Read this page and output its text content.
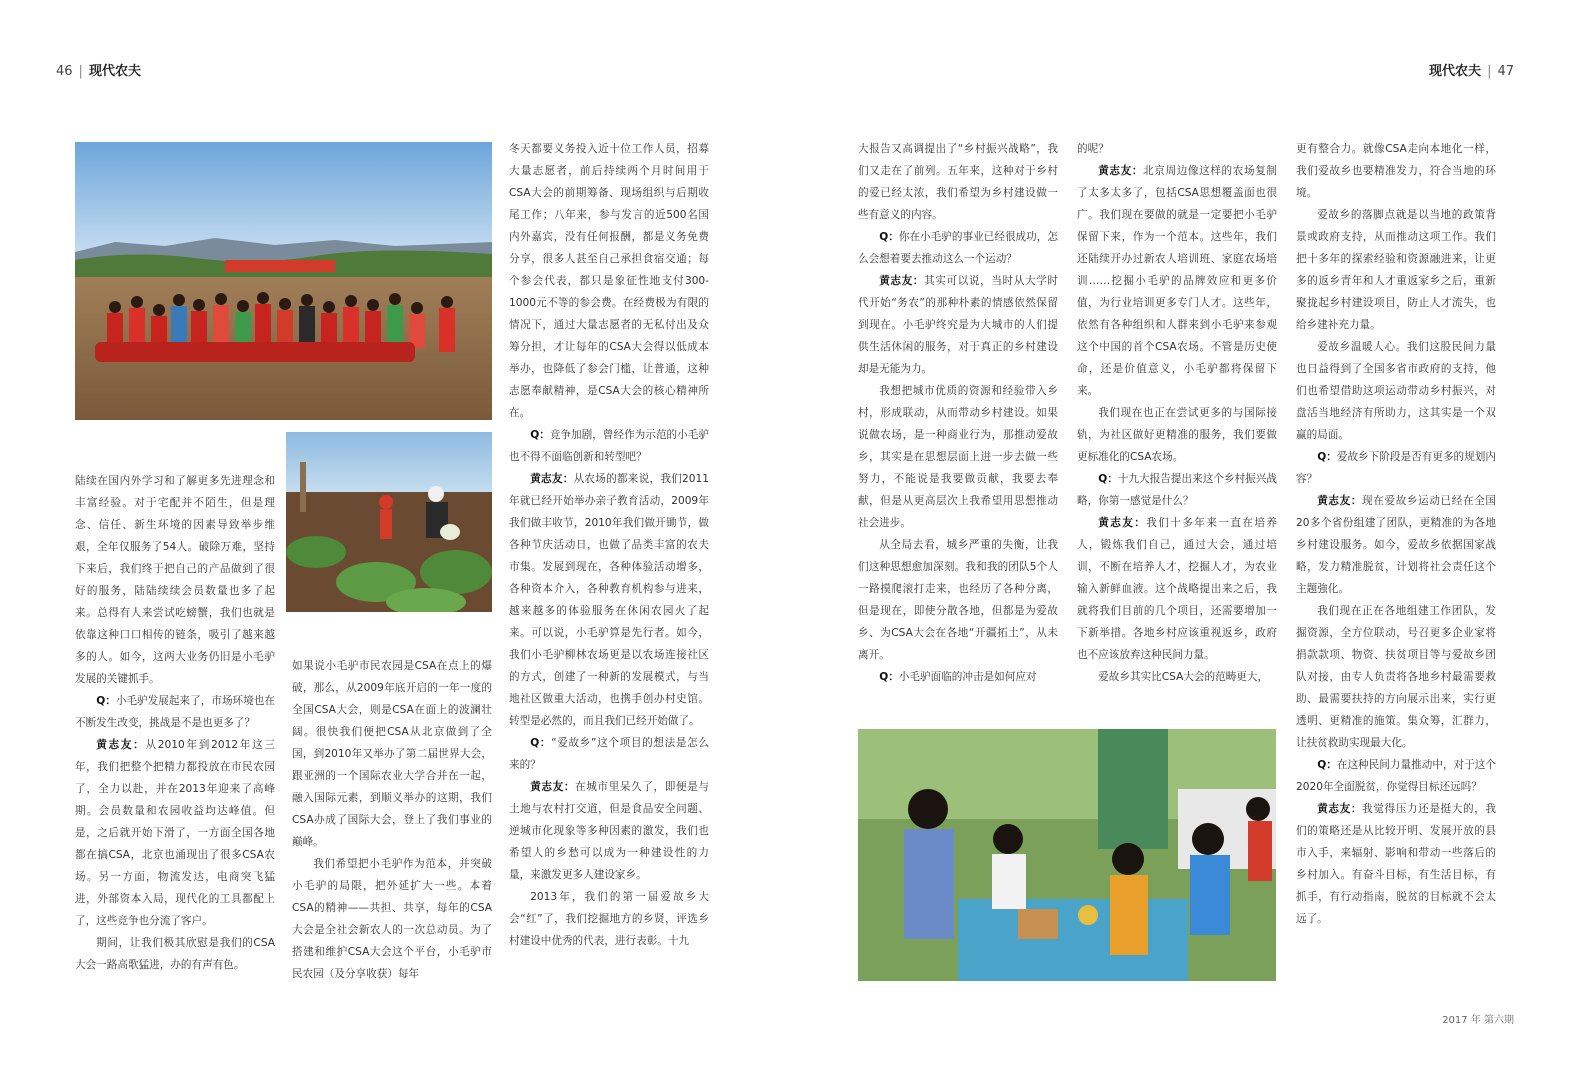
46 | 现代农夫	现代农夫 | 47

陆续在国内外学习和了解更多先进理念和丰富经验。对于宅配并不陌生，但是理念、信任、新生环境的因素导致举步维艰，全年仅服务了54人。破除万难，坚持下来后，我们终于把自己的产品做到了很好的服务，陆陆续续会员数量也多了起来。总得有人来尝试吃螃蟹，我们也就是依靠这种口口相传的链条，吸引了越来越多的人。如今，这两大业务仍旧是小毛驴发展的关键抓手。

Q：小毛驴发展起来了，市场环境也在不断发生改变，挑战是不是也更多了？

黄志友：从2010年到2012年这三年，我们把整个把精力都投放在市民农园了，全力以赴，并在2013年迎来了高峰期。会员数量和农园收益均达峰值。但是，之后就开始下滑了，一方面全国各地都在搞CSA，北京也涌现出了很多CSA农场。另一方面，物流发达，电商突飞猛进，外部资本入局，现代化的工具都配上了，这些竞争也分流了客户。

期间，让我们极其欣慰是我们的CSA大会一路高歌猛进，办的有声有色。

如果说小毛驴市民农园是CSA在点上的爆破，那么，从2009年底开启的一年一度的全国CSA大会，则是CSA在面上的波澜壮阔。很快我们便把CSA从北京做到了全国，到2010年又举办了第二届世界大会，跟亚洲的一个国际农业大学合并在一起，融入国际元素，到顺义举办的这期，我们CSA办成了国际大会，登上了我们事业的巅峰。

我们希望把小毛驴作为范本，并突破小毛驴的局限，把外延扩大一些。本着CSA的精神——共担、共享，每年的CSA大会是全社会新农人的一次总动员。为了搭建和维护CSA大会这个平台，小毛驴市民农园（及分享收获）每年

冬天都要义务投入近十位工作人员，招募大量志愿者，前后持续两个月时间用于CSA大会的前期筹备、现场组织与后期收尾工作；八年来，参与发言的近500名国内外嘉宾，没有任何报酬，都是义务免费分享，很多人甚至自己承担食宿交通；每个参会代表，都只是象征性地支付300-1000元不等的参会费。在经费极为有限的情况下，通过大量志愿者的无私付出及众筹分担，才让每年的CSA大会得以低成本举办，也降低了参会门槛，让普通，这种志愿奉献精神，是CSA大会的核心精神所在。

Q：竞争加剧，曾经作为示范的小毛驴也不得不面临创新和转型吧？

黄志友：从农场的都来说，我们2011年就已经开始举办亲子教育活动，2009年我们做丰收节，2010年我们做开锄节，做各种节庆活动日，也做了品类丰富的农夫市集。发展到现在，各种体验活动增多，各种资本介入，各种教育机构参与进来，越来越多的体验服务在休闲农园火了起来。可以说，小毛驴算是先行者。如今，我们小毛驴柳林农场更是以农场连接社区的方式，创建了一种新的发展模式，与当地社区做重大活动，也携手创办村史馆。转型是必然的，而且我们已经开始做了。

Q：“爱故乡”这个项目的想法是怎么来的？

黄志友：在城市里呆久了，即便是与土地与农村打交道，但是食品安全问题、逆城市化现象等多种因素的激发，我们也希望人的乡愁可以成为一种建设性的力量，来激发更多人建设家乡。

2013年，我们的第一届爱故乡大会“红”了，我们挖掘地方的乡贤，评选乡村建设中优秀的代表，进行表彰。十九

大报告又高调提出了“乡村振兴战略”，我们又走在了前列。五年来，这种对于乡村的爱已经太浓，我们希望为乡村建设做一些有意义的内容。

Q：你在小毛驴的事业已经很成功，怎么会想着要去推动这么一个运动？

黄志友：其实可以说，当时从大学时代开始“务农”的那种朴素的情感依然保留到现在。小毛驴终究是为大城市的人们提供生活休闲的服务，对于真正的乡村建设却是无能为力。

我想把城市优质的资源和经验带入乡村，形成联动，从而带动乡村建设。如果说做农场，是一种商业行为，那推动爱故乡，其实是在思想层面上进一步去做一些努力，不能说是我要做贡献，我要去奉献，但是从更高层次上我希望用思想推动社会进步。

从全局去看，城乡严重的失衡，让我们这种思想愈加深刻。我和我的团队5个人一路摸爬滚打走来，也经历了各种分离，但是现在，即使分散各地，但都是为爱故乡、为CSA大会在各地“开疆拓土”，从未离开。

Q：小毛驴面临的冲击是如何应对

的呢？

黄志友：北京周边像这样的农场复制了太多太多了，包括CSA思想覆盖面也很广。我们现在要做的就是一定要把小毛驴保留下来，作为一个范本。这些年，我们还陆续开办过新农人培训班、家庭农场培训……挖掘小毛驴的品牌效应和更多价值，为行业培训更多专门人才。这些年，依然有各种组织和人群来到小毛驴来参观这个中国的首个CSA农场。不管是历史使命，还是价值意义，小毛驴都将保留下来。

我们现在也正在尝试更多的与国际接轨，为社区做好更精准的服务，我们要做更标准化的CSA农场。

Q：十九大报告提出来这个乡村振兴战略，你第一感觉是什么？

黄志友：我们十多年来一直在培养人，锻炼我们自己，通过大会，通过培训，不断在培养人才，挖掘人才，为农业输入新鲜血液。这个战略提出来之后，我就将我们目前的几个项目，还需要增加一下新举措。各地乡村应该重视返乡，政府也不应该放弃这种民间力量。

爱故乡其实比CSA大会的范畴更大，

更有整合力。就像CSA走向本地化一样，我们爱故乡也要精准发力，符合当地的环境。

爱故乡的落脚点就是以当地的政策背景或政府支持，从而推动这项工作。我们把十多年的探索经验和资源融进来，让更多的返乡青年和人才重返家乡之后，重新聚拢起乡村建设项目，防止人才流失，也给乡建补充力量。

爱故乡温暖人心。我们这股民间力量也日益得到了全国多省市政府的支持，他们也希望借助这项运动带动乡村振兴，对盘活当地经济有所助力，这其实是一个双赢的局面。

Q：爱故乡下阶段是否有更多的规划内容？

黄志友：现在爱故乡运动已经在全国20多个省份组建了团队，更精准的为各地乡村建设服务。如今，爱故乡依据国家战略，发力精准脱贫，计划将社会责任这个主题強化。

我们现在正在各地组建工作团队，发掘资源，全方位联动，号召更多企业家将捐款款项、物资、扶贫项目等与爱故乡团队对接，由专人负责将各地乡村最需要救助、最需要扶持的方向展示出来，实行更透明、更精准的施策。集众筹，汇群力，让扶贫救助实现最大化。

Q：在这种民间力量推动中，对于这个2020年全面脱贫，你觉得目标还远吗？

黄志友：我觉得压力还是挺大的，我们的策略还是从比较开明、发展开放的县市入手，来辐射、影响和带动一些落后的乡村加入。有奋斗目标，有生活目标，有抓手，有行动指南，脱贫的目标就不会太远了。

2017 年 第六期
